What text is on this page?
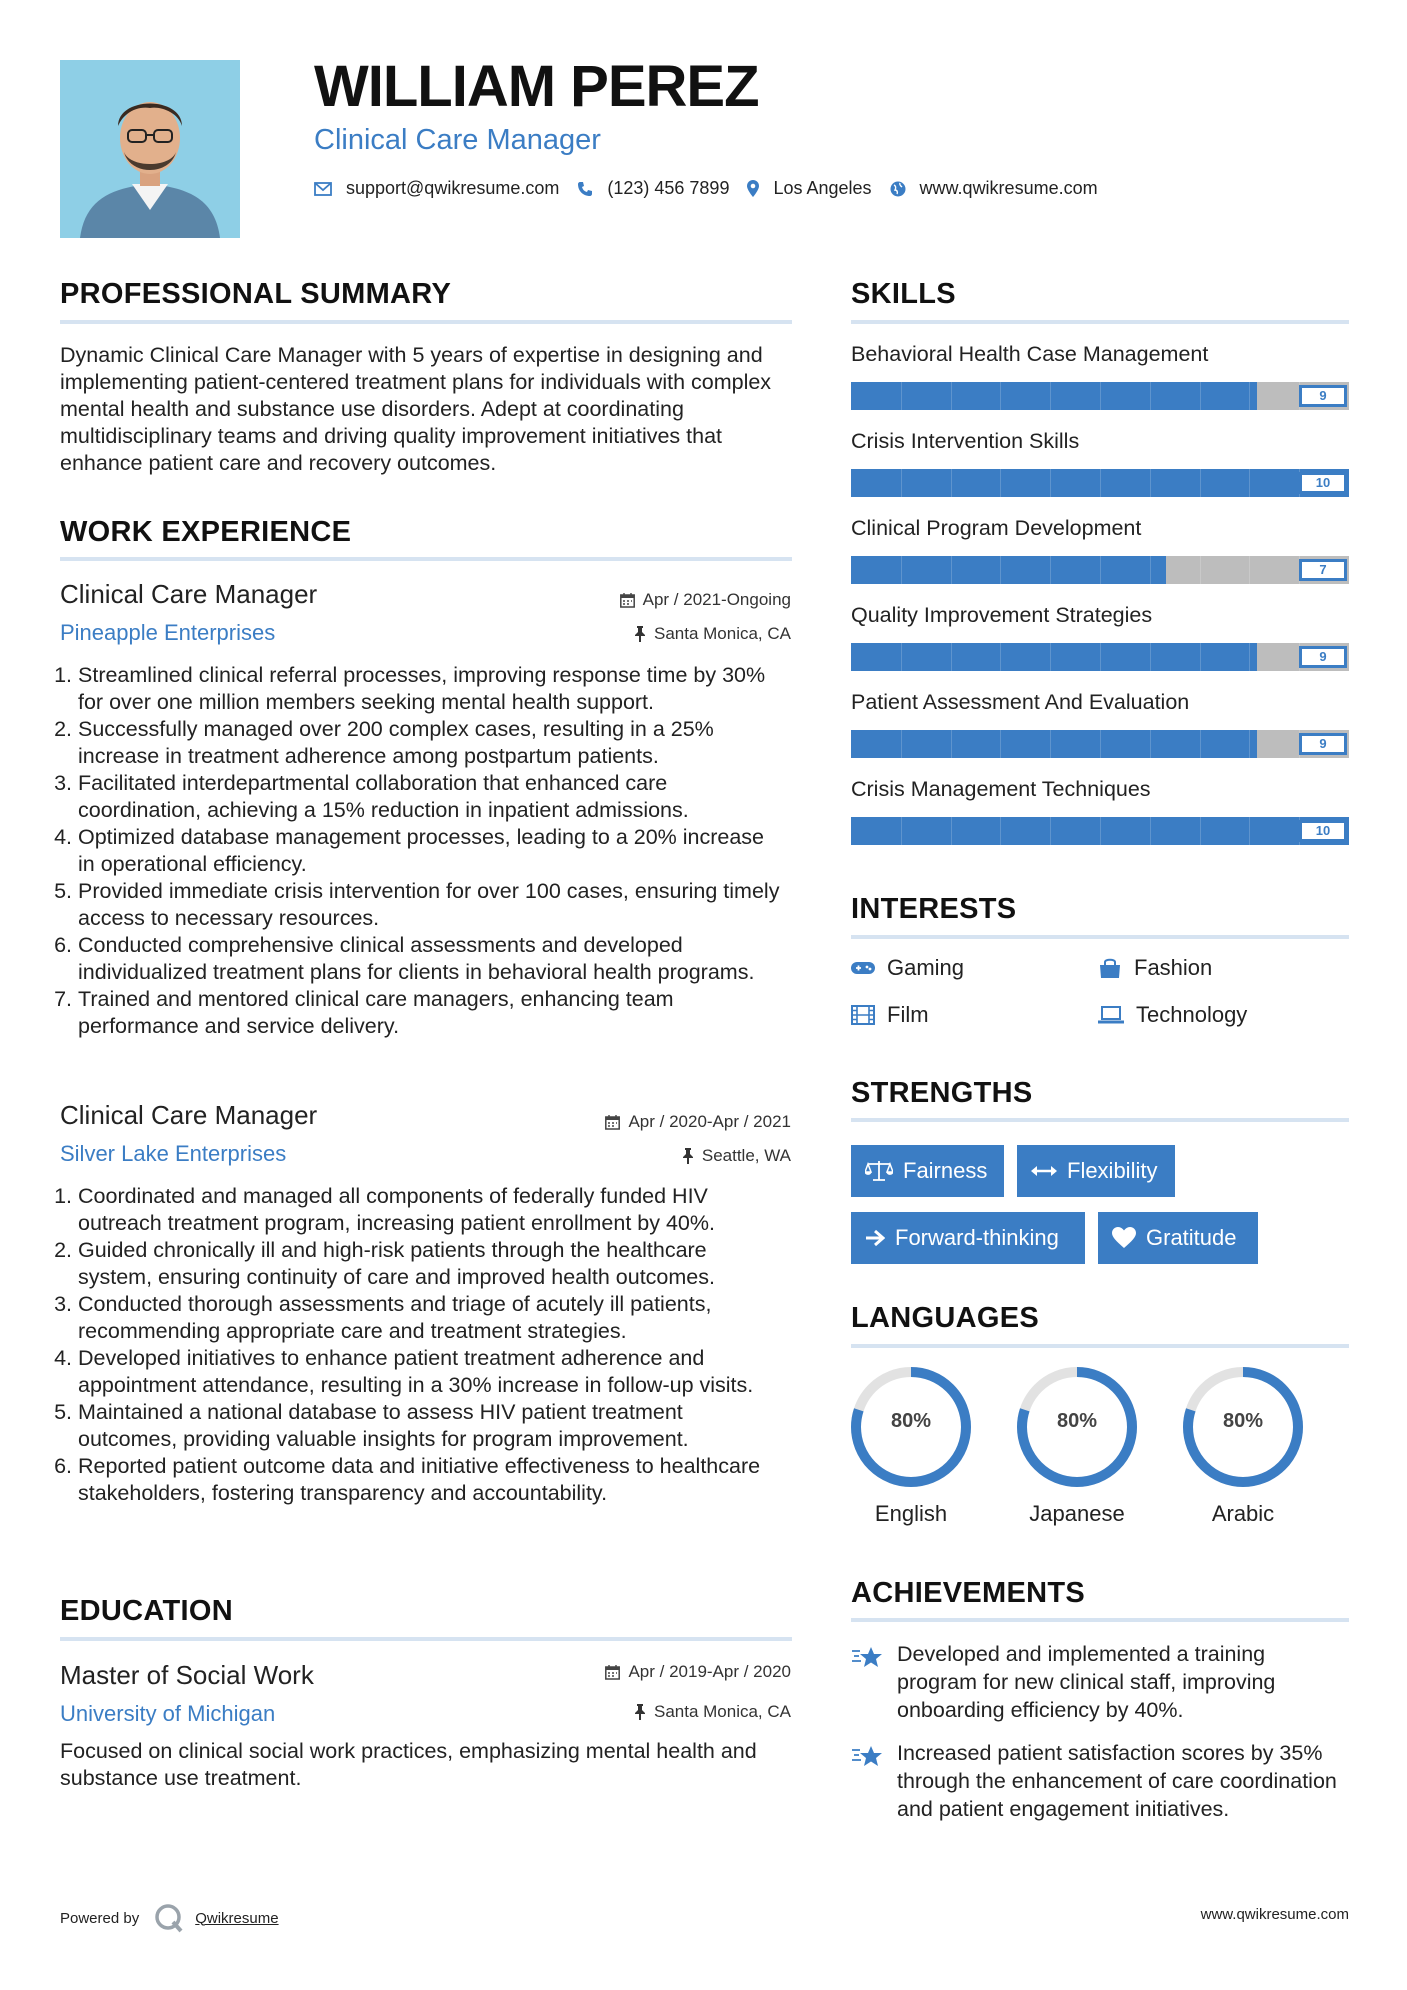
WILLIAM PEREZ
Clinical Care Manager
support@qwikresume.com	(123) 456 7899 Los Angeles	www.qwikresume.com
PROFESSIONAL SUMMARY
Dynamic Clinical Care Manager with 5 years of expertise in designing and implementing patient-centered treatment plans for individuals with complex mental health and substance use disorders. Adept at coordinating multidisciplinary teams and driving quality improvement initiatives that enhance patient care and recovery outcomes.
WORK EXPERIENCE
Clinical Care Manager
Pineapple Enterprises
Apr / 2021-Ongoing
Santa Monica, CA
1. Streamlined clinical referral processes, improving response time by 30% for over one million members seeking mental health support.
2. Successfully managed over 200 complex cases, resulting in a 25% increase in treatment adherence among postpartum patients.
3. Facilitated interdepartmental collaboration that enhanced care coordination, achieving a 15% reduction in inpatient admissions.
4. Optimized database management processes, leading to a 20% increase in operational efficiency.
5. Provided immediate crisis intervention for over 100 cases, ensuring timely access to necessary resources.
6. Conducted comprehensive clinical assessments and developed individualized treatment plans for clients in behavioral health programs.
7. Trained and mentored clinical care managers, enhancing team performance and service delivery.
Clinical Care Manager
Silver Lake Enterprises
Apr / 2020-Apr / 2021
Seattle, WA
1. Coordinated and managed all components of federally funded HIV outreach treatment program, increasing patient enrollment by 40%.
2. Guided chronically ill and high-risk patients through the healthcare system, ensuring continuity of care and improved health outcomes.
3. Conducted thorough assessments and triage of acutely ill patients, recommending appropriate care and treatment strategies.
4. Developed initiatives to enhance patient treatment adherence and appointment attendance, resulting in a 30% increase in follow-up visits.
5. Maintained a national database to assess HIV patient treatment outcomes, providing valuable insights for program improvement.
6. Reported patient outcome data and initiative effectiveness to healthcare stakeholders, fostering transparency and accountability.
EDUCATION
Master of Social Work
University of Michigan
Apr / 2019-Apr / 2020
Santa Monica, CA
Focused on clinical social work practices, emphasizing mental health and substance use treatment.
SKILLS
Behavioral Health Case Management
9
Crisis Intervention Skills
10
Clinical Program Development
7
Quality Improvement Strategies
9
Patient Assessment And Evaluation
9
Crisis Management Techniques
10
INTERESTS
Gaming	Fashion
Film	Technology
STRENGTHS
Fairness	Flexibility
Forward-thinking	Gratitude
LANGUAGES
80%
English
80%
Japanese
80%
Arabic
ACHIEVEMENTS
Developed and implemented a training program for new clinical staff, improving onboarding efficiency by 40%.
Increased patient satisfaction scores by 35% through the enhancement of care coordination and patient engagement initiatives.
Powered by	Qwikresume	www.qwikresume.com
